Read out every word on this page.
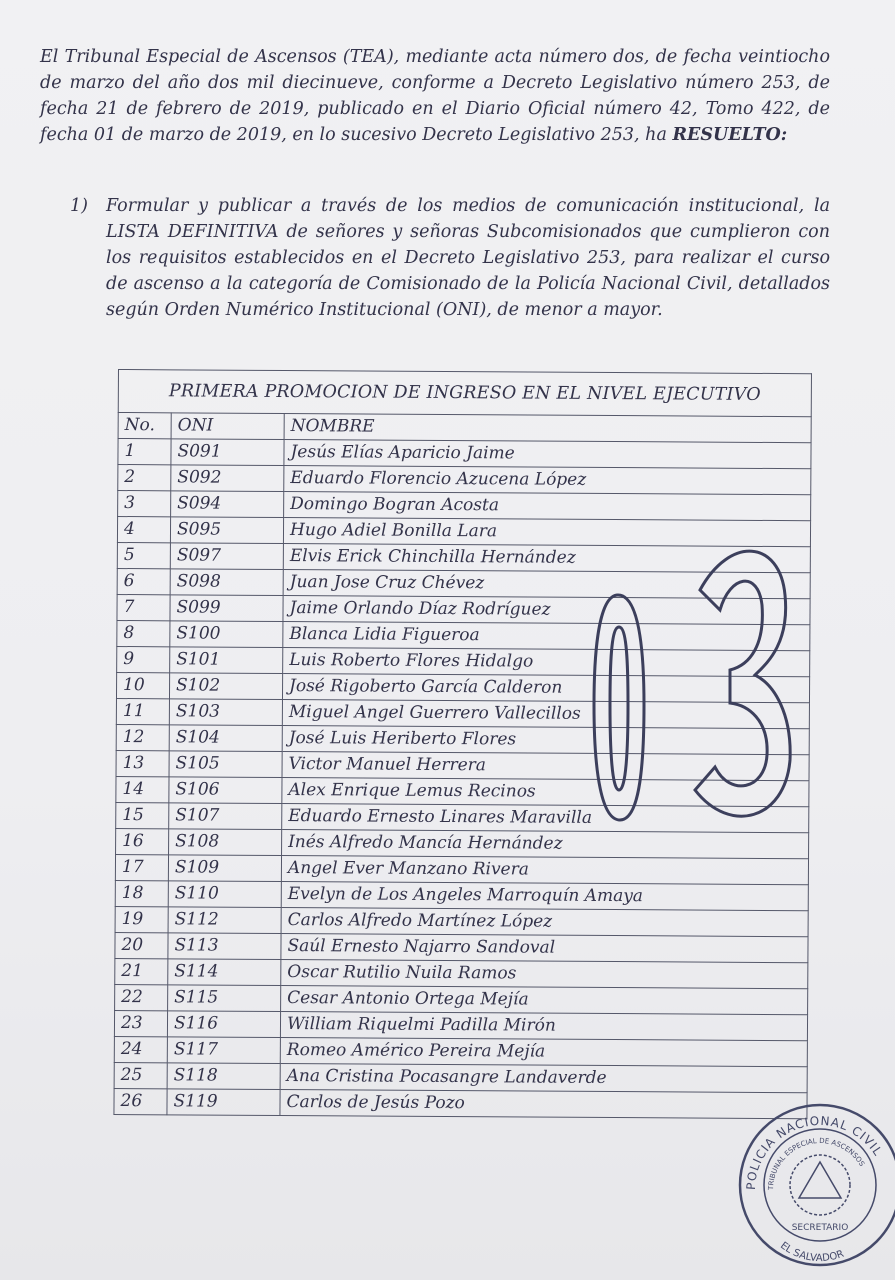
El Tribunal Especial de Ascensos (TEA), mediante acta número dos, de fecha veintiocho de marzo del año dos mil diecinueve, conforme a Decreto Legislativo número 253, de fecha 21 de febrero de 2019, publicado en el Diario Oficial número 42, Tomo 422, de fecha 01 de marzo de 2019, en lo sucesivo Decreto Legislativo 253, ha RESUELTO:

1)	Formular y publicar a través de los medios de comunicación institucional, la LISTA DEFINITIVA de señores y señoras Subcomisionados que cumplieron con los requisitos establecidos en el Decreto Legislativo 253, para realizar el curso de ascenso a la categoría de Comisionado de la Policía Nacional Civil, detallados según Orden Numérico Institucional (ONI), de menor a mayor.
PRIMERA PROMOCION DE INGRESO EN EL NIVEL EJECUTIVO		
No.	ONI	NOMBRE
1	S091	Jesús Elías Aparicio Jaime
2	S092	Eduardo Florencio Azucena López
3	S094	Domingo Bogran Acosta
4	S095	Hugo Adiel Bonilla Lara
5	S097	Elvis Erick Chinchilla Hernández
6	S098	Juan Jose Cruz Chévez
7	S099	Jaime Orlando Díaz Rodríguez
8	S100	Blanca Lidia Figueroa
9	S101	Luis Roberto Flores Hidalgo
10	S102	José Rigoberto García Calderon
11	S103	Miguel Angel Guerrero Vallecillos
12	S104	José Luis Heriberto Flores
13	S105	Victor Manuel Herrera
14	S106	Alex Enrique Lemus Recinos
15	S107	Eduardo Ernesto Linares Maravilla
16	S108	Inés Alfredo Mancía Hernández
17	S109	Angel Ever Manzano Rivera
18	S110	Evelyn de Los Angeles Marroquín Amaya
19	S112	Carlos Alfredo Martínez López
20	S113	Saúl Ernesto Najarro Sandoval
21	S114	Oscar Rutilio Nuila Ramos
22	S115	Cesar Antonio Ortega Mejía
23	S116	William Riquelmi Padilla Mirón
24	S117	Romeo Américo Pereira Mejía
25	S118	Ana Cristina Pocasangre Landaverde
26	S119	Carlos de Jesús Pozo
03
POLICIA NACIONAL CIVIL
TRIBUNAL ESPECIAL DE ASCENSOS
SECRETARIO
EL SALVADOR
